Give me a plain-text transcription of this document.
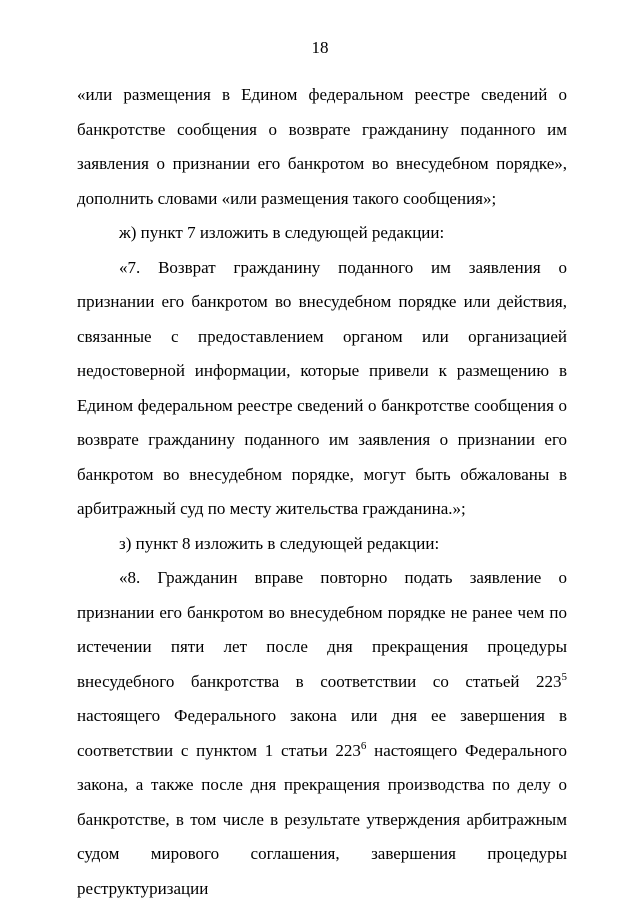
18

«или размещения в Едином федеральном реестре сведений о банкротстве сообщения о возврате гражданину поданного им заявления о признании его банкротом во внесудебном порядке», дополнить словами «или размещения такого сообщения»;

ж) пункт 7 изложить в следующей редакции:

«7. Возврат гражданину поданного им заявления о признании его банкротом во внесудебном порядке или действия, связанные с предоставлением органом или организацией недостоверной информации, которые привели к размещению в Едином федеральном реестре сведений о банкротстве сообщения о возврате гражданину поданного им заявления о признании его банкротом во внесудебном порядке, могут быть обжалованы в арбитражный суд по месту жительства гражданина.»;

з) пункт 8 изложить в следующей редакции:

«8. Гражданин вправе повторно подать заявление о признании его банкротом во внесудебном порядке не ранее чем по истечении пяти лет после дня прекращения процедуры внесудебного банкротства в соответствии со статьей $223^5$ настоящего Федерального закона или дня ее завершения в соответствии с пунктом 1 статьи $223^6$ настоящего Федерального закона, а также после дня прекращения производства по делу о банкротстве, в том числе в результате утверждения арбитражным судом мирового соглашения, завершения процедуры реструктуризации
